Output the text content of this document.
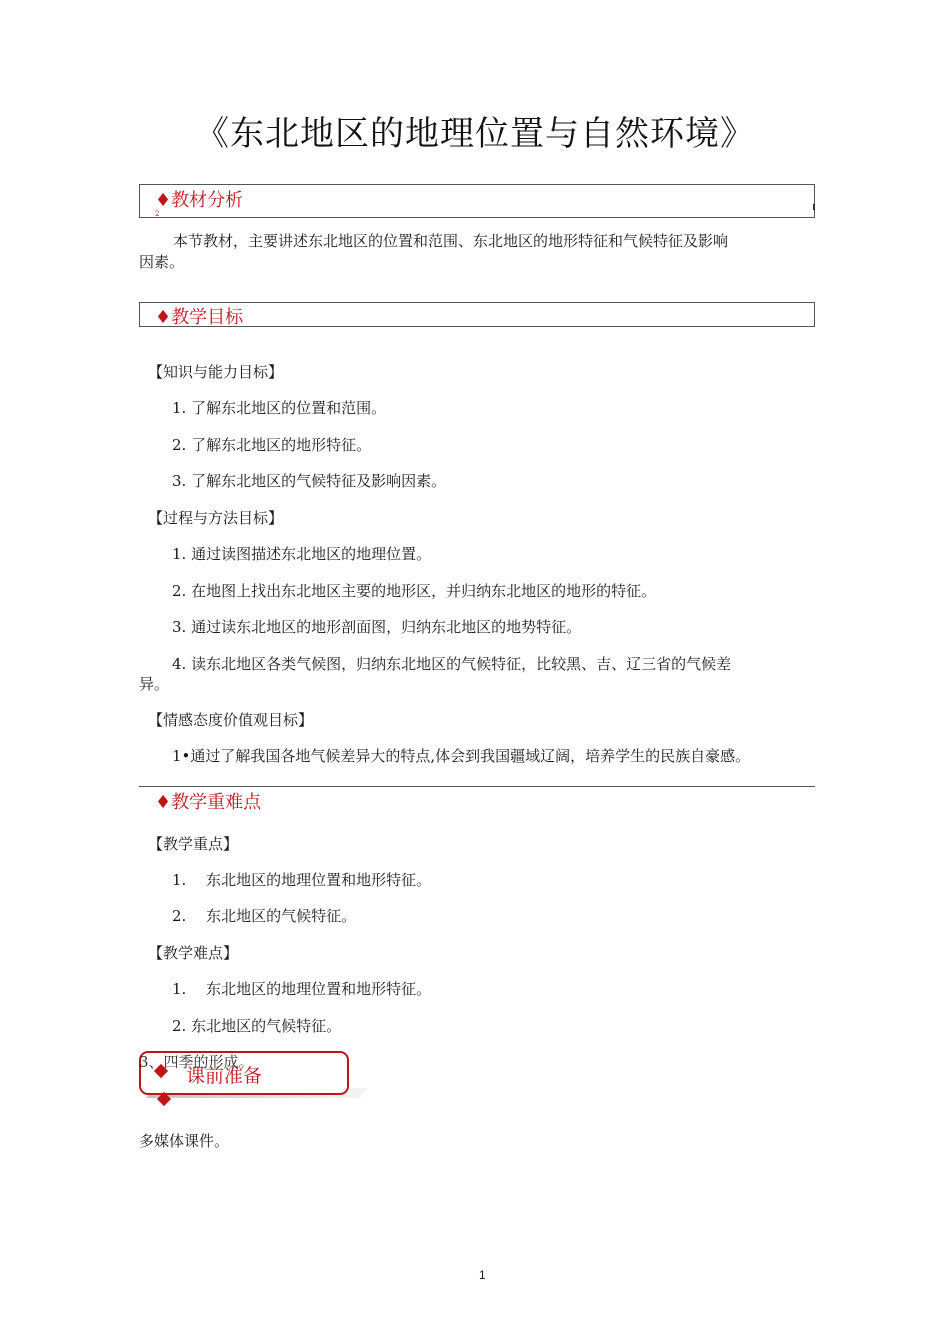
《东北地区的地理位置与自然环境》
♦教材分析
2
本节教材，主要讲述东北地区的位置和范围、东北地区的地形特征和气候特征及影响
因素。
♦教学目标
【知识与能力目标】
1. 了解东北地区的位置和范围。
2. 了解东北地区的地形特征。
3. 了解东北地区的气候特征及影响因素。
【过程与方法目标】
1. 通过读图描述东北地区的地理位置。
2. 在地图上找出东北地区主要的地形区，并归纳东北地区的地形的特征。
3. 通过读东北地区的地形剖面图，归纳东北地区的地势特征。
4. 读东北地区各类气候图，归纳东北地区的气候特征，比较黑、吉、辽三省的气候差
异。
【情感态度价值观目标】
1•通过了解我国各地气候差异大的特点,体会到我国疆域辽阔，培养学生的民族自豪感。
♦教学重难点
【教学重点】
1.　 东北地区的地理位置和地形特征。
2.　 东北地区的气候特征。
【教学难点】
1.　 东北地区的地理位置和地形特征。
2. 东北地区的气候特征。
课前准备
3、四季的形成。
多媒体课件。
1
